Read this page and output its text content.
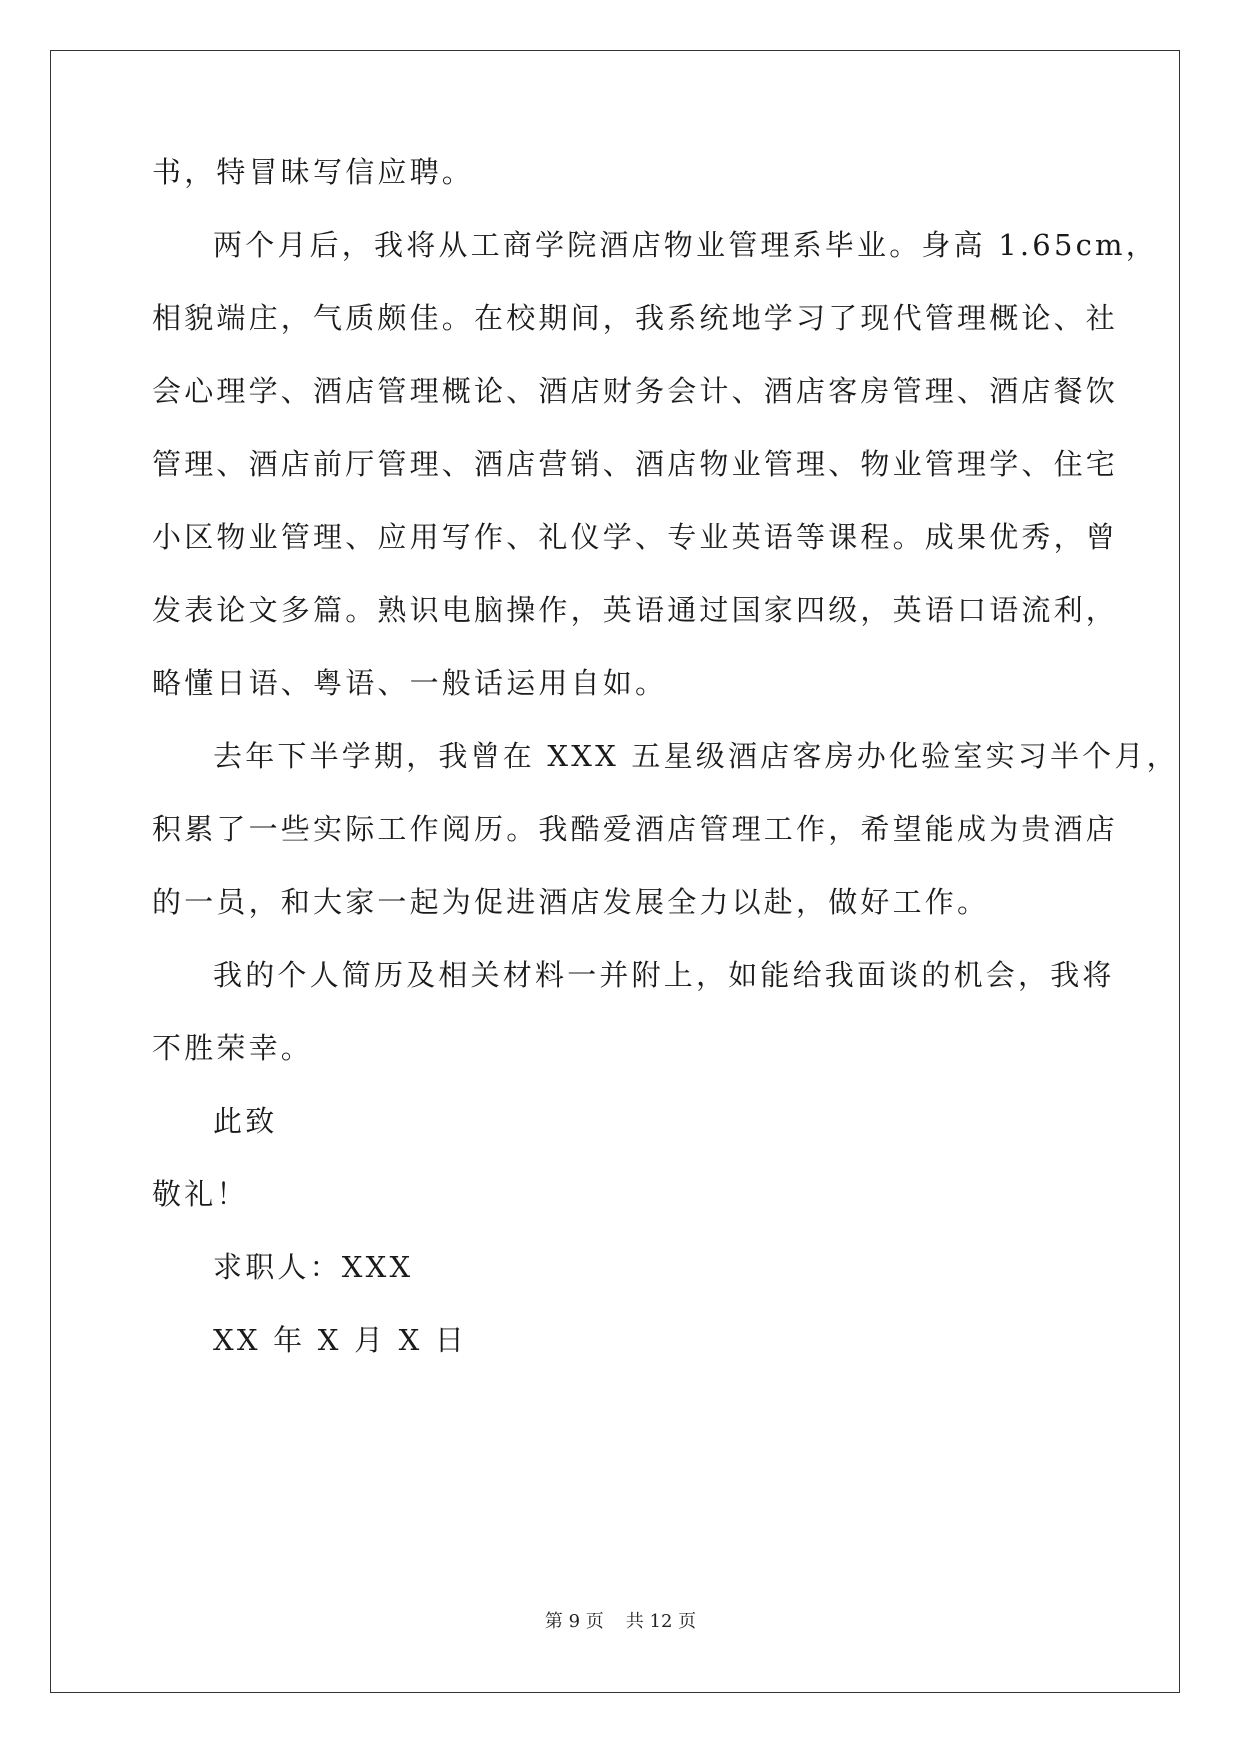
书，特冒昧写信应聘。
两个月后，我将从工商学院酒店物业管理系毕业。身高 1.65cm，
相貌端庄，气质颇佳。在校期间，我系统地学习了现代管理概论、社
会心理学、酒店管理概论、酒店财务会计、酒店客房管理、酒店餐饮
管理、酒店前厅管理、酒店营销、酒店物业管理、物业管理学、住宅
小区物业管理、应用写作、礼仪学、专业英语等课程。成果优秀，曾
发表论文多篇。熟识电脑操作，英语通过国家四级，英语口语流利，
略懂日语、粤语、一般话运用自如。
去年下半学期，我曾在 XXX 五星级酒店客房办化验室实习半个月，
积累了一些实际工作阅历。我酷爱酒店管理工作，希望能成为贵酒店
的一员，和大家一起为促进酒店发展全力以赴，做好工作。
我的个人简历及相关材料一并附上，如能给我面谈的机会，我将
不胜荣幸。
此致
敬礼！
求职人：XXX
XX 年 X 月 X 日
第 9 页 共 12 页
